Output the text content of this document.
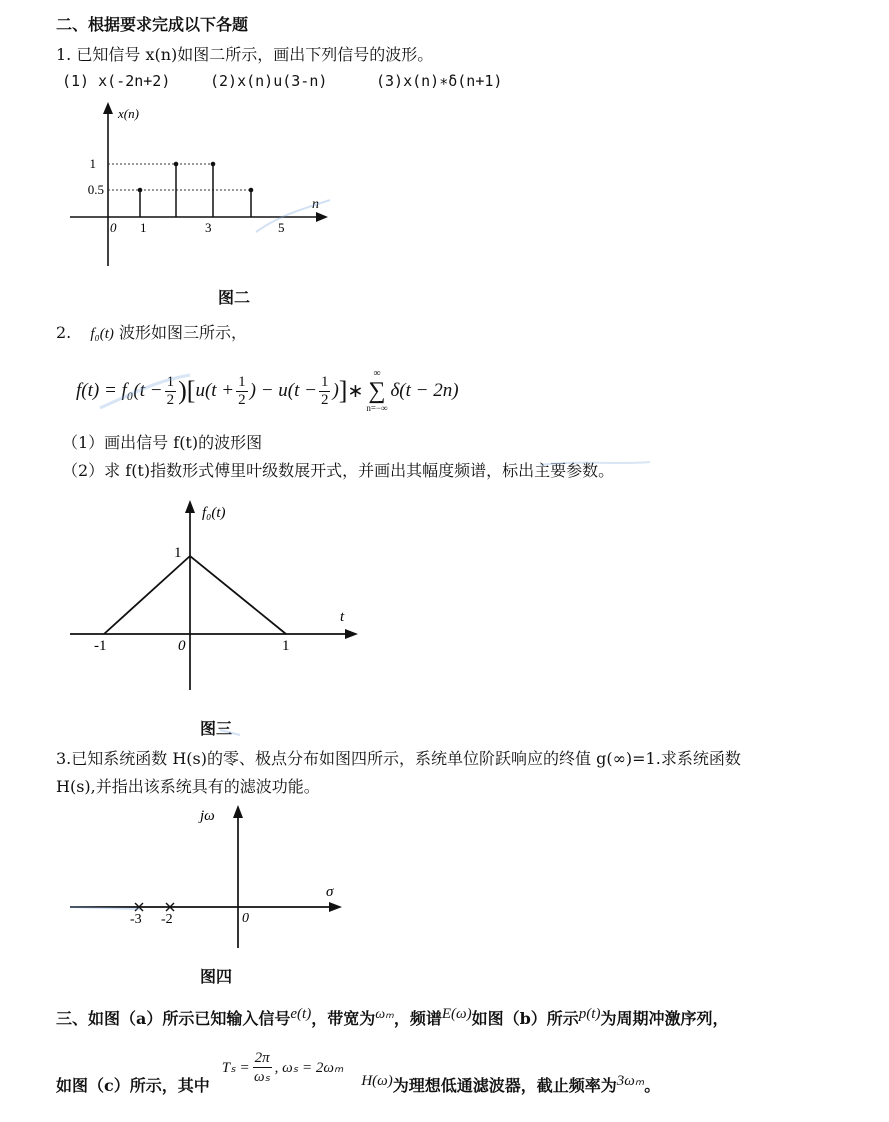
二、根据要求完成以下各题
1. 已知信号 x(n)如图二所示，画出下列信号的波形。
(1) x(-2n+2)	(2)x(n)u(3-n)	(3)x(n)∗δ(n+1)
x(n)
n
1
0.5
0 1	3	5
图二
2. f₀(t) 波形如图三所示，
$f(t) = f_0(t - \frac{1}{2}$ )[ $u(t + \frac{1}{2}$ ) − $u(t - \frac{1}{2}$ ) ] ∗
∞
∑
n=−∞
δ(t − 2n)
（1）画出信号 f(t)的波形图
（2）求 f(t)指数形式傅里叶级数展开式，并画出其幅度频谱，标出主要参数。
f₀(t)
t
1
-1	0	1
图三
3.已知系统函数 H(s)的零、极点分布如图四所示，系统单位阶跃响应的终值 g(∞)=1.求系统函数
H(s),并指出该系统具有的滤波功能。
jω
σ
-3 -2	0
图四
三、如图（a）所示已知输入信号 e(t) ，带宽为 ωₘ ，频谱 E(ω) 如图（b）所示 p(t) 为周期冲激序列，
如图（c）所示，其中
$T_s = \frac{2\pi}{\text{ωₛ}}$ , ωₛ = 2ωₘ
H(ω) 为理想低通滤波器，截止频率为 3ωₘ 。
